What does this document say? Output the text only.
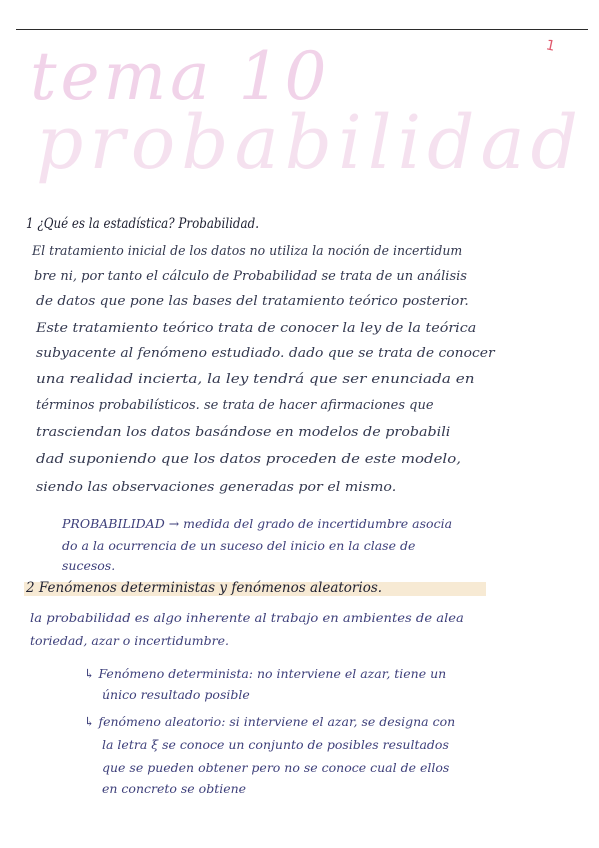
1
tema 10
probabilidad
1 ¿Qué es la estadística? Probabilidad.
El tratamiento inicial de los datos no utiliza la noción de incertidum
bre ni, por tanto el cálculo de Probabilidad se trata de un análisis
de datos que pone las bases del tratamiento teórico posterior.
Este tratamiento teórico trata de conocer la ley de la teórica
subyacente al fenómeno estudiado. dado que se trata de conocer
una realidad incierta, la ley tendrá que ser enunciada en
términos probabilísticos. se trata de hacer afirmaciones que
trasciendan los datos basándose en modelos de probabili
dad suponiendo que los datos proceden de este modelo,
siendo las observaciones generadas por el mismo.
PROBABILIDAD → medida del grado de incertidumbre asocia
do a la ocurrencia de un suceso del inicio en la clase de
sucesos.
2 Fenómenos deterministas y fenómenos aleatorios.
la probabilidad es algo inherente al trabajo en ambientes de alea
toriedad, azar o incertidumbre.
↳ Fenómeno determinista: no interviene el azar, tiene un
único resultado posible
↳ fenómeno aleatorio: si interviene el azar, se designa con
la letra ξ se conoce un conjunto de posibles resultados
que se pueden obtener pero no se conoce cual de ellos
en concreto se obtiene
